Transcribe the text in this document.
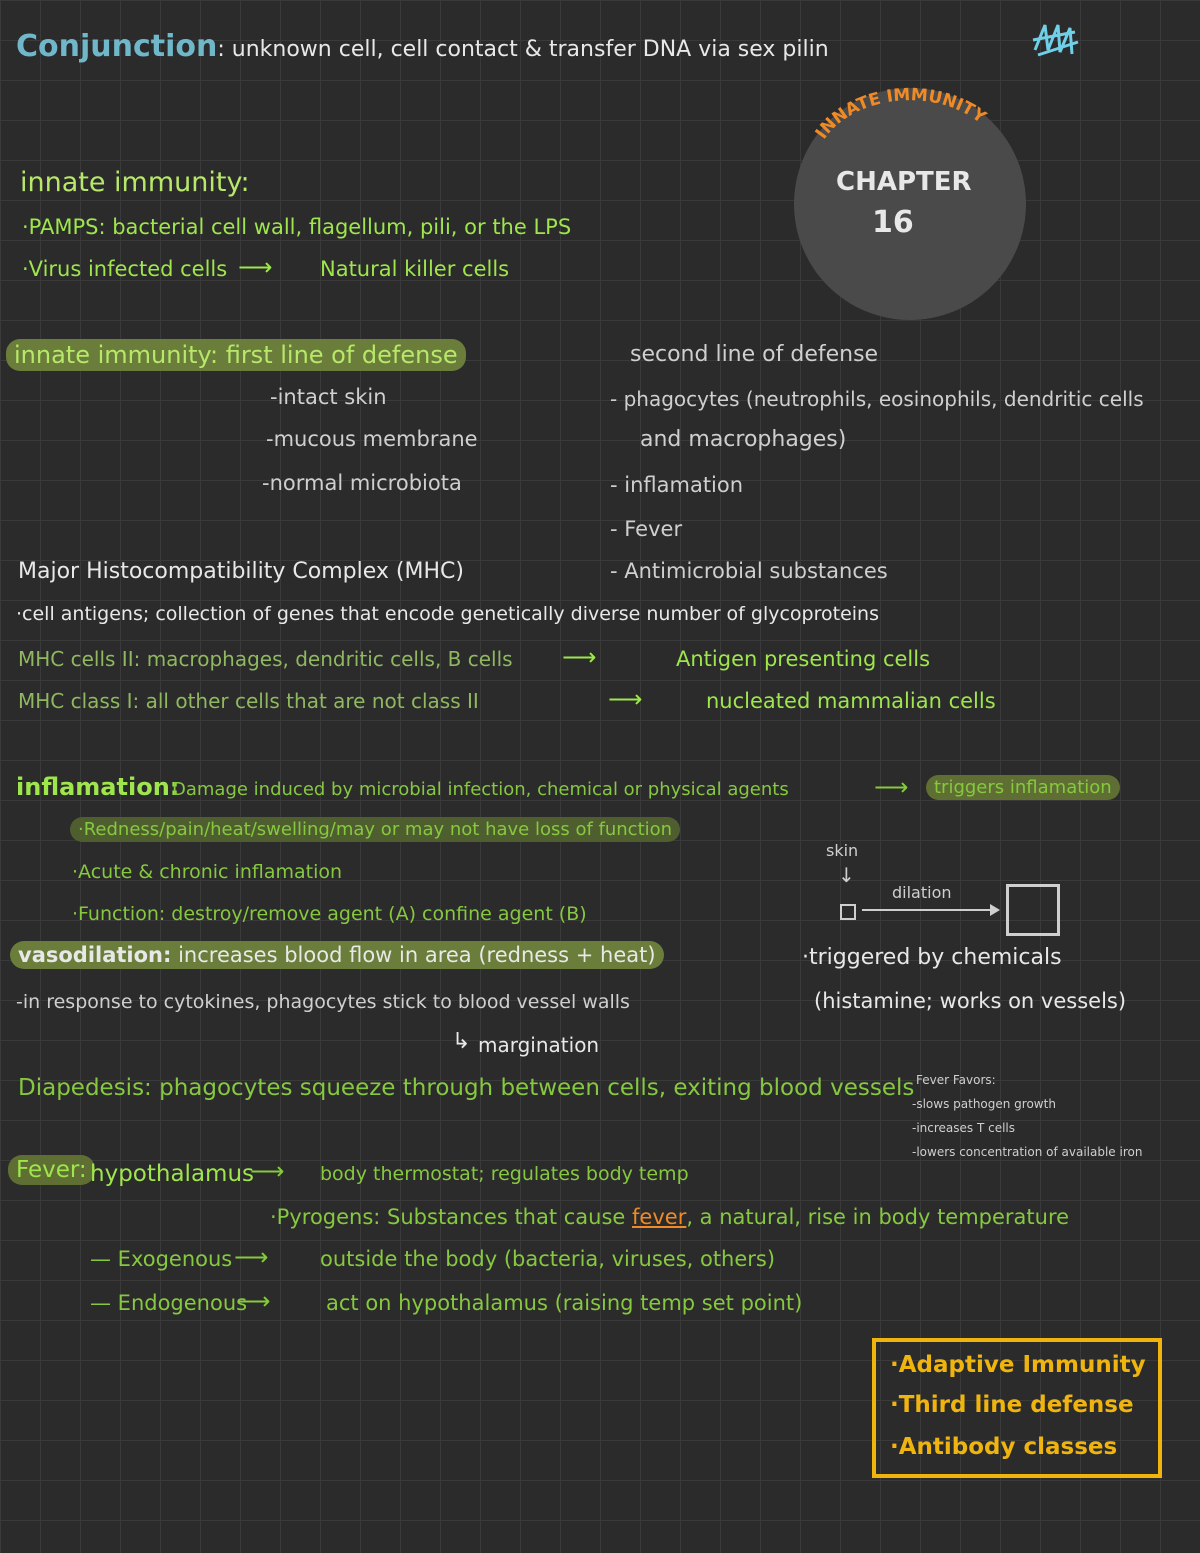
Conjunction: unknown cell, cell contact & transfer DNA via sex pilin
INNATE IMMUNITY
CHAPTER
16
innate immunity:
·PAMPS: bacterial cell wall, flagellum, pili, or the LPS
·Virus infected cells ⟶ Natural killer cells
innate immunity: first line of defense
-intact skin
-mucous membrane
-normal microbiota
second line of defense
- phagocytes (neutrophils, eosinophils, dendritic cells
and macrophages)
- inflamation
- Fever
- Antimicrobial substances
Major Histocompatibility Complex (MHC)
·cell antigens; collection of genes that encode genetically diverse number of glycoproteins
MHC cells II: macrophages, dendritic cells, B cells ⟶	Antigen presenting cells
MHC class I: all other cells that are not class II	⟶	nucleated mammalian cells
inflamation:
Damage induced by microbial infection, chemical or physical agents	⟶	triggers inflamation
·Redness/pain/heat/swelling/may or may not have loss of function
·Acute & chronic inflamation
·Function: destroy/remove agent (A) confine agent (B)
vasodilation: increases blood flow in area (redness + heat)
-in response to cytokines, phagocytes stick to blood vessel walls
↳ margination
skin
↓
dilation
·triggered by chemicals
(histamine; works on vessels)
Diapedesis: phagocytes squeeze through between cells, exiting blood vessels Fever Favors:
-slows pathogen growth
-increases T cells
-lowers concentration of available iron
Fever: hypothalamus
⟶ body thermostat; regulates body temp
·Pyrogens: Substances that cause fever, a natural, rise in body temperature
— Exogenous ⟶ outside the body (bacteria, viruses, others)
— Endogenous
⟶	act on hypothalamus (raising temp set point)
·Adaptive Immunity
·Third line defense
·Antibody classes
